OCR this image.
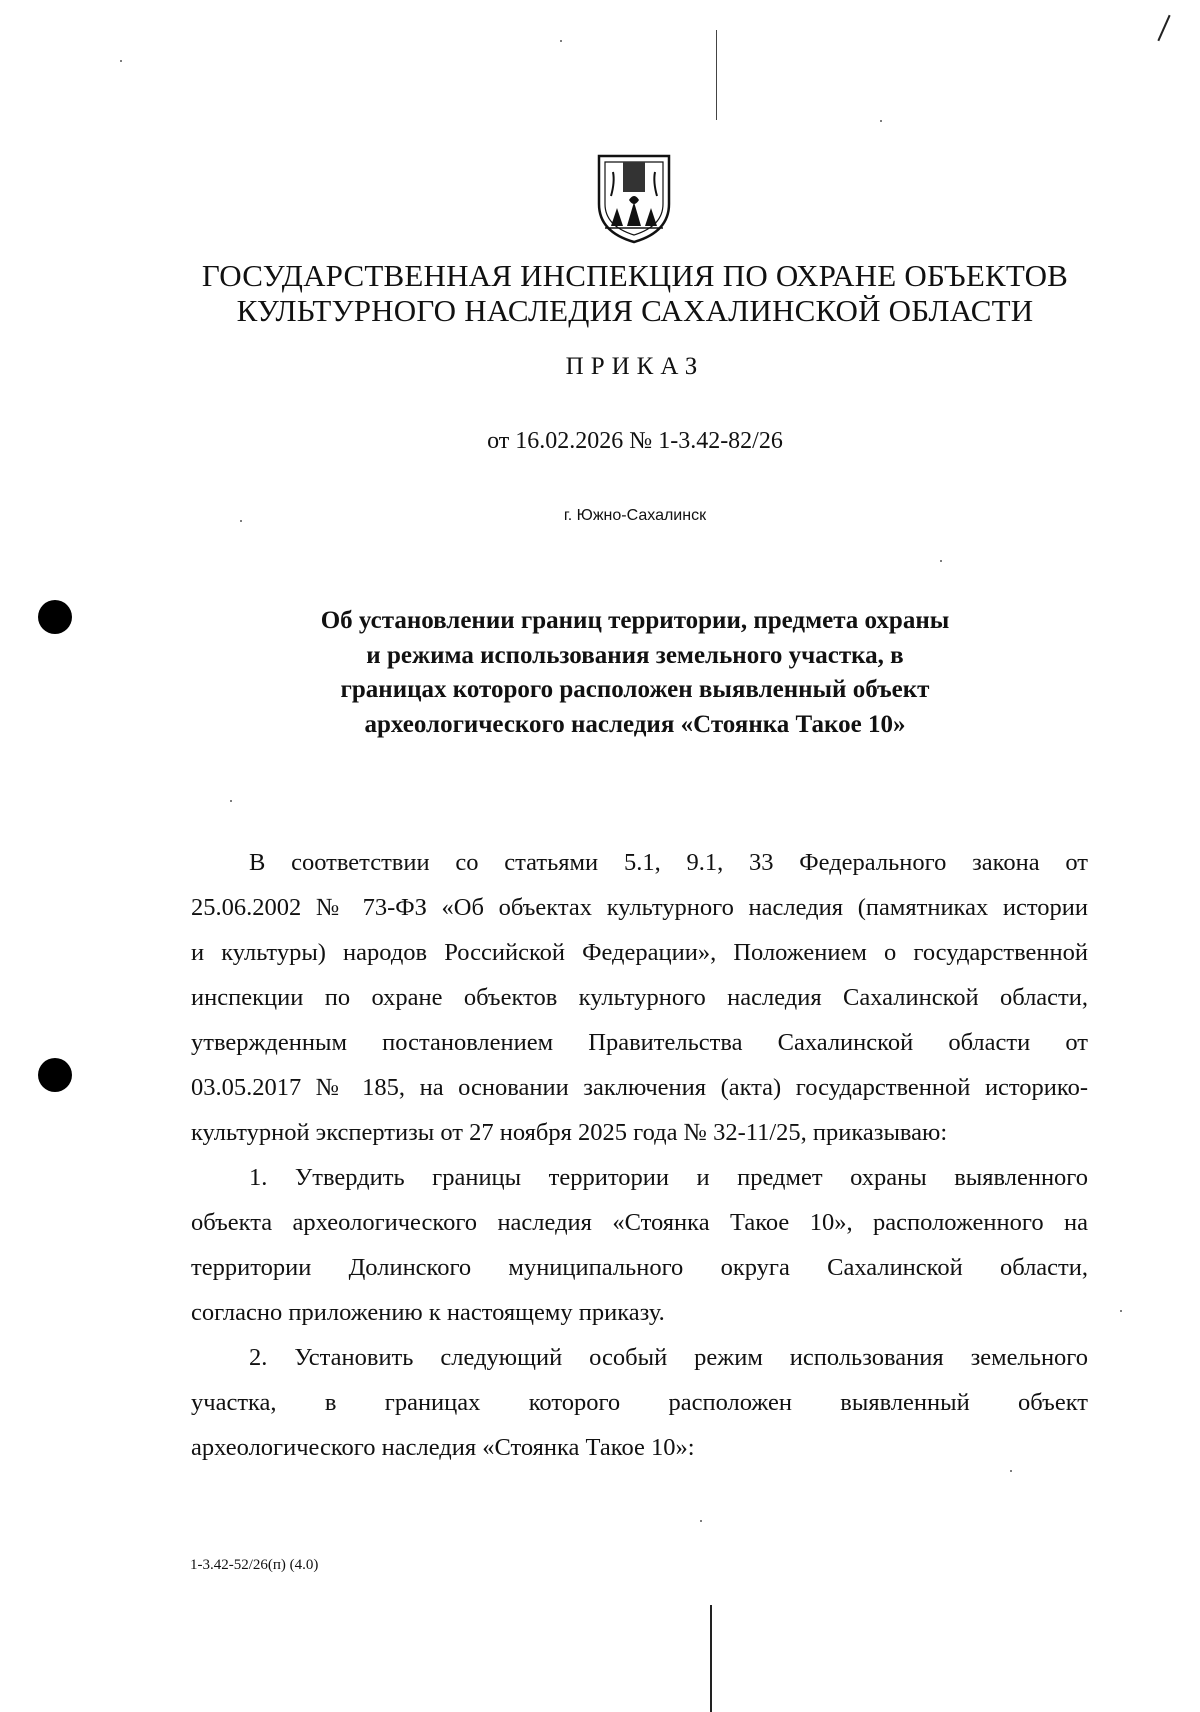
ГОСУДАРСТВЕННАЯ ИНСПЕКЦИЯ ПО ОХРАНЕ ОБЪЕКТОВ
КУЛЬТУРНОГО НАСЛЕДИЯ САХАЛИНСКОЙ ОБЛАСТИ
ПРИКАЗ
от 16.02.2026 № 1-3.42-82/26
г. Южно-Сахалинск
Об установлении границ территории, предмета охраны
и режима использования земельного участка, в
границах которого расположен выявленный объект
археологического наследия «Стоянка Такое 10»
В соответствии со статьями 5.1, 9.1, 33 Федерального закона от
25.06.2002 № 73-ФЗ «Об объектах культурного наследия (памятниках истории
и культуры) народов Российской Федерации», Положением о государственной
инспекции по охране объектов культурного наследия Сахалинской области,
утвержденным постановлением Правительства Сахалинской области от
03.05.2017 № 185, на основании заключения (акта) государственной историко-
культурной экспертизы от 27 ноября 2025 года № 32-11/25, приказываю:
1. Утвердить границы территории и предмет охраны выявленного
объекта археологического наследия «Стоянка Такое 10», расположенного на
территории Долинского муниципального округа Сахалинской области,
согласно приложению к настоящему приказу.
2. Установить следующий особый режим использования земельного
участка, в границах которого расположен выявленный объект
археологического наследия «Стоянка Такое 10»:
1-3.42-52/26(п) (4.0)
